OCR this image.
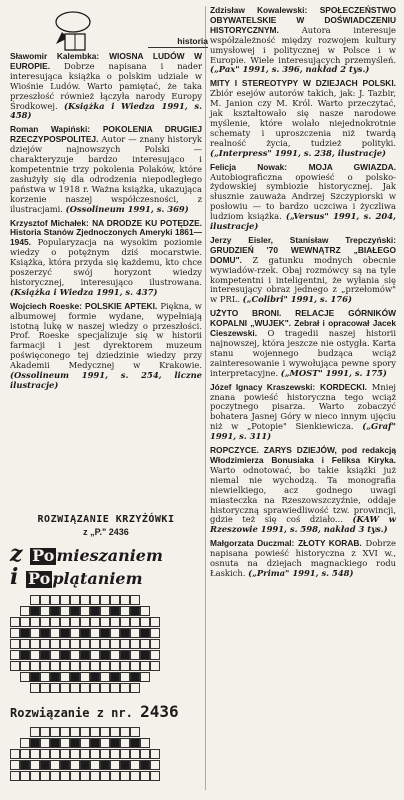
historia

Sławomir Kalembka: WIOSNA LUDÓW W EUROPIE. Dobrze napisana i nader interesująca książka o polskim udziale w Wiośnie Ludów. Warto pamiętać, że taka przeszłość również łączyła narody Europy Środkowej. (Książka i Wiedza 1991, s. 458)

Roman Wapiński: POKOLENIA DRUGIEJ RZECZYPOSPOLITEJ. Autor — znany historyk dziejów najnowszych Polski — charakteryzuje bardzo interesująco i kompetentnie trzy pokolenia Polaków, które zasłużyły się dla odrodzenia niepodległego państwa w 1918 r. Ważna książka, ukazująca korzenie naszej współczesności, z ilustracjami. (Ossolineum 1991, s. 369)

Krzysztof Michałek: NA DRODZE KU POTĘDZE. Historia Stanów Zjednoczonych Ameryki 1861—1945. Popularyzacja na wysokim poziomie wiedzy o potężnym dziś mocarstwie. Książka, która przyda się każdemu, kto chce poszerzyć swój horyzont wiedzy historycznej, interesująco ilustrowana. (Książka i Wiedza 1991, s. 437)

Wojciech Roeske: POLSKIE APTEKI. Piękna, w albumowej formie wydane, wypełniają istotną lukę w naszej wiedzy o przeszłości. Prof. Roeske specjalizuje się w historii farmacji i jest dyrektorem muzeum poświęconego tej dziedzinie wiedzy przy Akademii Medycznej w Krakowie. (Ossolineum 1991, s. 254, liczne ilustracje)

ROZWIĄZANIE KRZYŻÓWKI
z „P." 2436
z Po mieszaniem
i Po plątaniem
Rozwiązanie z nr. 2436

Zdzisław Kowalewski: SPOŁECZEŃSTWO OBYWATELSKIE W DOŚWIADCZENIU HISTORYCZNYM.	Autora interesuje współzależność między rozwojem kultury umysłowej i politycznej w Polsce i w Europie. Wiele interesujących przemyśleń. („Pax" 1991, s. 396, nakład 2 tys.)

MITY I STEREOTYPY W DZIEJACH POLSKI. Zbiór esejów autorów takich, jak: J. Tazbir, M. Janion czy M. Król. Warto przeczytać, jak kształtowało się nasze narodowe myślenie, które wolało niejednokrotnie schematy i uproszczenia niż twardą realność życia, tudzież polityki. („Interpress" 1991, s. 238, ilustracje)

Felicja Nowak:	MOJA GWIAZDA. Autobiograficzna opowieść o polsko-żydowskiej symbiozie historycznej. Jak słusznie zauważa Andrzej Szczypiorski w posłowiu — to bardzo uczciwa i życzliwa ludziom książka. („Versus" 1991, s. 204, ilustracje)

Jerzy Eisler, Stanisław Trepczyński: GRUDZIEŃ '70 WEWNĄTRZ „BIAŁEGO DOMU". Z gatunku modnych obecnie wywiadów-rzek. Obaj rozmówcy są na tyle kompetentni i inteligentni, że wyłania się interesujący obraz jednego z „przełomów" w PRL. („Colibri" 1991, s. 176)

UŻYTO BRONI. RELACJE GÓRNIKÓW KOPALNI „WUJEK". Zebrał i opracował Jacek Cieszewski. O tragedii naszej historii najnowszej, która jeszcze nie ostygła. Karta stanu wojennego budząca wciąż zainteresowanie i wywołująca pewne spory interpretacyjne. („MOST" 1991, s. 175)

Józef Ignacy Kraszewski: KORDECKI. Mniej znana powieść historyczna tego wciąż poczytnego pisarza. Warto zobaczyć bohatera Jasnej Góry w nieco innym ujęciu niż w „Potopie" Sienkiewicza. („Graf" 1991, s. 311)

ROPCZYCE. ZARYS DZIEJÓW, pod redakcją Włodzimierza Bonusiaka i Feliksa Kiryka. Warto odnotować, bo takie książki już niemal nie wychodzą. Ta monografia niewielkiego, acz godnego uwagi miasteczka na Rzeszowszczyźnie, oddaje historyczną sprawiedliwość tzw. prowincji, gdzie też się coś działo... (KAW w Rzeszowie 1991, s. 598, nakład 3 tys.)

Małgorzata Duczmal: ZŁOTY KORAB. Dobrze napisana powieść historyczna z XVI w., osnuta na dziejach magnackiego rodu Łaskich. („Prima" 1991, s. 548)
